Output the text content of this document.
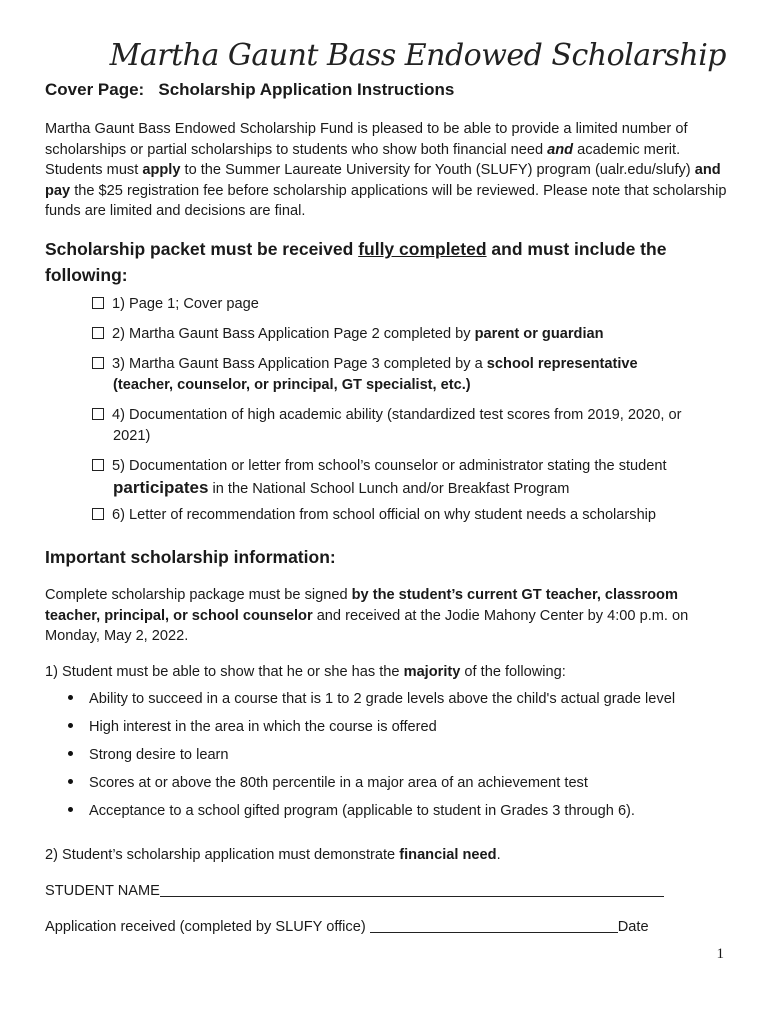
Martha Gaunt Bass Endowed Scholarship
Cover Page: Scholarship Application Instructions
Martha Gaunt Bass Endowed Scholarship Fund is pleased to be able to provide a limited number of scholarships or partial scholarships to students who show both financial need and academic merit. Students must apply to the Summer Laureate University for Youth (SLUFY) program (ualr.edu/slufy) and pay the $25 registration fee before scholarship applications will be reviewed. Please note that scholarship funds are limited and decisions are final.
Scholarship packet must be received fully completed and must include the following:
1) Page 1; Cover page
2) Martha Gaunt Bass Application Page 2 completed by parent or guardian
3) Martha Gaunt Bass Application Page 3 completed by a school representative
(teacher, counselor, or principal, GT specialist, etc.)
4) Documentation of high academic ability (standardized test scores from 2019, 2020, or
2021)
5) Documentation or letter from school’s counselor or administrator stating the student
participates in the National School Lunch and/or Breakfast Program
6) Letter of recommendation from school official on why student needs a scholarship
Important scholarship information:
Complete scholarship package must be signed by the student’s current GT teacher, classroom teacher, principal, or school counselor and received at the Jodie Mahony Center by 4:00 p.m. on Monday, May 2, 2022.
1) Student must be able to show that he or she has the majority of the following:
Ability to succeed in a course that is 1 to 2 grade levels above the child's actual grade level
High interest in the area in which the course is offered
Strong desire to learn
Scores at or above the 80th percentile in a major area of an achievement test
Acceptance to a school gifted program (applicable to student in Grades 3 through 6).
2) Student’s scholarship application must demonstrate financial need.
STUDENT NAME
Application received (completed by SLUFY office)	Date
1
